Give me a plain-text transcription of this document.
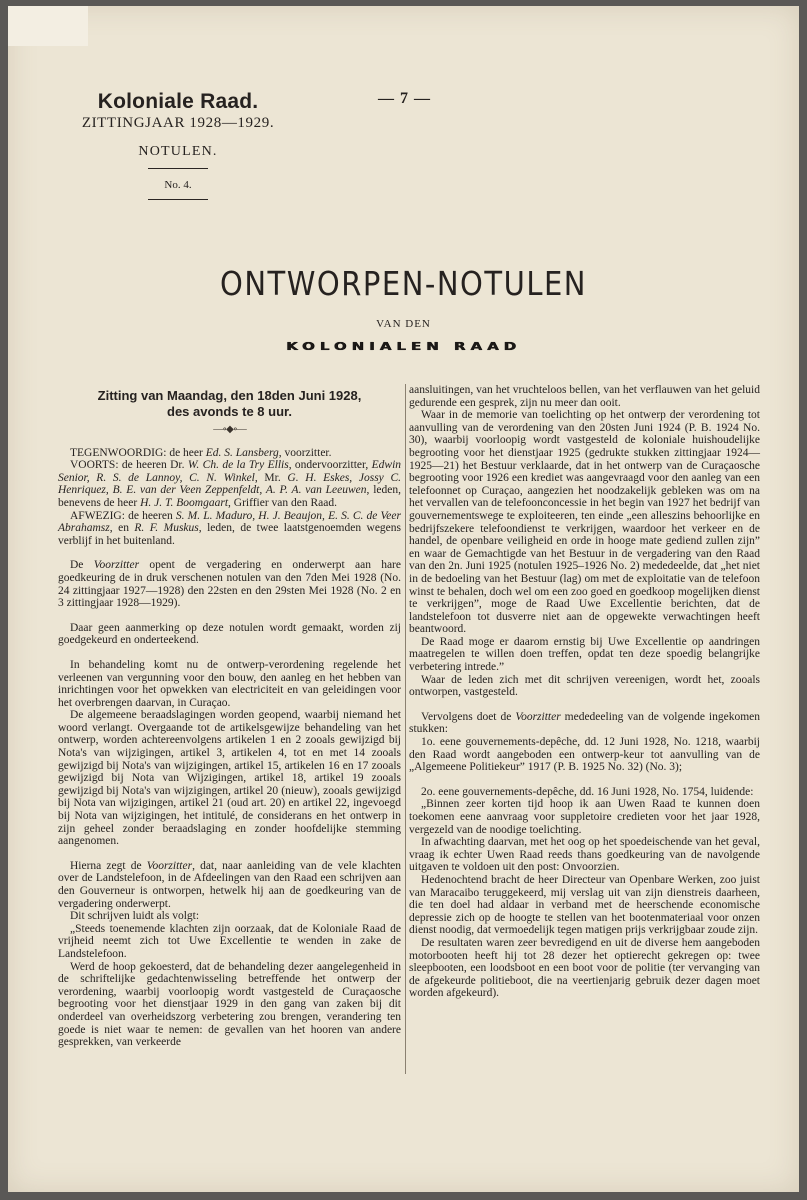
Koloniale Raad.
ZITTINGJAAR 1928—1929.
NOTULEN.
No. 4.
— 7 —
ONTWORPEN-NOTULEN
VAN DEN
KOLONIALEN RAAD
Zitting van Maandag, den 18den Juni 1928,
des avonds te 8 uur.
—∘◆∘—

TEGENWOORDIG: de heer Ed. S. Lansberg, voorzitter.

VOORTS: de heeren Dr. W. Ch. de la Try Ellis, ondervoorzitter, Edwin Senior, R. S. de Lannoy, C. N. Winkel, Mr. G. H. Eskes, Jossy C. Henriquez, B. E. van der Veen Zeppenfeldt, A. P. A. van Leeuwen, leden, benevens de heer H. J. T. Boomgaart, Griffier van den Raad.

AFWEZIG: de heeren S. M. L. Maduro, H. J. Beaujon, E. S. C. de Veer Abrahamsz, en R. F. Muskus, leden, de twee laatstgenoemden wegens verblijf in het buitenland.

De Voorzitter opent de vergadering en onderwerpt aan hare goedkeuring de in druk verschenen notulen van den 7den Mei 1928 (No. 24 zittingjaar 1927—1928) den 22sten en den 29sten Mei 1928 (No. 2 en 3 zittingjaar 1928—1929).

Daar geen aanmerking op deze notulen wordt gemaakt, worden zij goedgekeurd en onderteekend.

In behandeling komt nu de ontwerp-verordening regelende het verleenen van vergunning voor den bouw, den aanleg en het hebben van inrichtingen voor het opwekken van electriciteit en van geleidingen voor het overbrengen daarvan, in Curaçao.

De algemeene beraadslagingen worden geopend, waarbij niemand het woord verlangt. Overgaande tot de artikelsgewijze behandeling van het ontwerp, worden achtereenvolgens artikelen 1 en 2 zooals gewijzigd bij Nota's van wijzigingen, artikel 3, artikelen 4, tot en met 14 zooals gewijzigd bij Nota's van wijzigingen, artikel 15, artikelen 16 en 17 zooals gewijzigd bij Nota van Wijzigingen, artikel 18, artikel 19 zooals gewijzigd bij Nota's van wijzigingen, artikel 20 (nieuw), zooals gewijzigd bij Nota van wijzigingen, artikel 21 (oud art. 20) en artikel 22, ingevoegd bij Nota van wijzigingen, het intitulé, de considerans en het ontwerp in zijn geheel zonder beraadslaging en zonder hoofdelijke stemming aangenomen.

Hierna zegt de Voorzitter, dat, naar aanleiding van de vele klachten over de Landstelefoon, in de Afdeelingen van den Raad een schrijven aan den Gouverneur is ontworpen, hetwelk hij aan de goedkeuring van de vergadering onderwerpt.

Dit schrijven luidt als volgt:

„Steeds toenemende klachten zijn oorzaak, dat de Koloniale Raad de vrijheid neemt zich tot Uwe Excellentie te wenden in zake de Landstelefoon.

Werd de hoop gekoesterd, dat de behandeling dezer aangelegenheid in de schriftelijke gedachtenwisseling betreffende het ontwerp der verordening, waarbij voorloopig wordt vastgesteld de Curaçaosche begrooting voor het dienstjaar 1929 in den gang van zaken bij dit onderdeel van overheidszorg verbetering zou brengen, verandering ten goede is niet waar te nemen: de gevallen van het hooren van andere gesprekken, van verkeerde

aansluitingen, van het vruchteloos bellen, van het verflauwen van het geluid gedurende een gesprek, zijn nu meer dan ooit.

Waar in de memorie van toelichting op het ontwerp der verordening tot aanvulling van de verordening van den 20sten Juni 1924 (P. B. 1924 No. 30), waarbij voorloopig wordt vastgesteld de koloniale huishoudelijke begrooting voor het dienstjaar 1925 (gedrukte stukken zittingjaar 1924—1925—21) het Bestuur verklaarde, dat in het ontwerp van de Curaçaosche begrooting voor 1926 een krediet was aangevraagd voor den aanleg van een telefoonnet op Curaçao, aangezien het noodzakelijk gebleken was om na het vervallen van de telefoonconcessie in het begin van 1927 het bedrijf van gouvernementswege te exploiteeren, ten einde „een alleszins behoorlijke en bedrijfszekere telefoondienst te verkrijgen, waardoor het verkeer en de handel, de openbare veiligheid en orde in hooge mate gediend zullen zijn” en waar de Gemachtigde van het Bestuur in de vergadering van den Raad van den 2n. Juni 1925 (notulen 1925–1926 No. 2) mededeelde, dat „het niet in de bedoeling van het Bestuur (lag) om met de exploitatie van de telefoon winst te behalen, doch wel om een zoo goed en goedkoop mogelijken dienst te verkrijgen”, moge de Raad Uwe Excellentie berichten, dat de landstelefoon tot dusverre niet aan de opgewekte verwachtingen heeft beantwoord.

De Raad moge er daarom ernstig bij Uwe Excellentie op aandringen maatregelen te willen doen treffen, opdat ten deze spoedig belangrijke verbetering intrede.”

Waar de leden zich met dit schrijven vereenigen, wordt het, zooals ontworpen, vastgesteld.

Vervolgens doet de Voorzitter mededeeling van de volgende ingekomen stukken:

1o. eene gouvernements-depêche, dd. 12 Juni 1928, No. 1218, waarbij den Raad wordt aangeboden een ontwerp-keur tot aanvulling van de „Algemeene Politiekeur” 1917 (P. B. 1925 No. 32) (No. 3);

2o. eene gouvernements-depêche, dd. 16 Juni 1928, No. 1754, luidende:

„Binnen zeer korten tijd hoop ik aan Uwen Raad te kunnen doen toekomen eene aanvraag voor suppletoire credieten voor het jaar 1928, vergezeld van de noodige toelichting.

In afwachting daarvan, met het oog op het spoedeischende van het geval, vraag ik echter Uwen Raad reeds thans goedkeuring van de navolgende uitgaven te voldoen uit den post: Onvoorzien.

Hedenochtend bracht de heer Directeur van Openbare Werken, zoo juist van Maracaibo teruggekeerd, mij verslag uit van zijn dienstreis daarheen, die ten doel had aldaar in verband met de heerschende economische depressie zich op de hoogte te stellen van het bootenmateriaal voor onzen dienst noodig, dat vermoedelijk tegen matigen prijs verkrijgbaar zoude zijn.

De resultaten waren zeer bevredigend en uit de diverse hem aangeboden motorbooten heeft hij tot 28 dezer het optierecht gekregen op: twee sleepbooten, een loodsboot en een boot voor de politie (ter vervanging van de afgekeurde politieboot, die na veertienjarig gebruik dezer dagen moet worden afgekeurd).
